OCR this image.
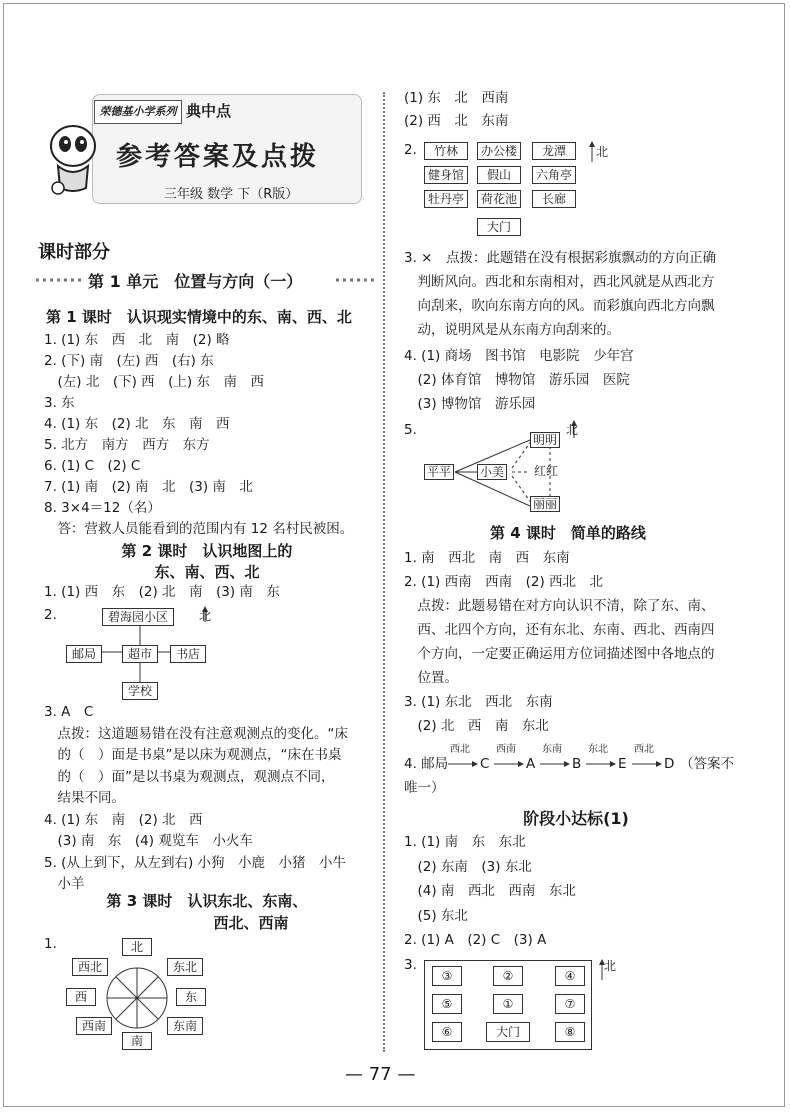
荣德基小学系列 典中点
参考答案及点拨
三年级 数学 下（R版）
课时部分
第 1 单元　位置与方向（一）
第 1 课时　认识现实情境中的东、南、西、北
1. (1) 东　西　北　南　(2) 略
2. (下) 南　(左) 西　(右) 东
　(左) 北　(下) 西　(上) 东　南　西
3. 东
4. (1) 东　(2) 北　东　南　西
5. 北方　南方　西方　东方
6. (1) C　(2) C
7. (1) 南　(2) 南　北　(3) 南　北
8. 3×4＝12（名）
　答：营救人员能看到的范围内有 12 名村民被困。
第 2 课时　认识地图上的
东、南、西、北
1. (1) 西　东　(2) 北　南　(3) 南　东
2.	碧海园小区
邮局	超市	书店
学校
北
3. A　C
　点拨：这道题易错在没有注意观测点的变化。“床
　的（　）面是书桌”是以床为观测点，“床在书桌
　的（　）面”是以书桌为观测点，观测点不同，
　结果不同。
4. (1) 东　南　(2) 北　西
　(3) 南　东　(4) 观览车　小火车
5. (从上到下，从左到右) 小狗　小鹿　小猪　小牛
　小羊
第 3 课时　认识东北、东南、
西北、西南
1.	北
东北
东
东南
南
西南
西
西北
(1) 东　北　西南
(2) 西　北　东南
2.	竹林	办公楼	龙潭
健身馆	假山	六角亭
牡丹亭	荷花池	长廊
大门
北
3. ×　点拨：此题错在没有根据彩旗飘动的方向正确
　判断风向。西北和东南相对，西北风就是从西北方
　向刮来，吹向东南方向的风。而彩旗向西北方向飘
　动，说明风是从东南方向刮来的。
4. (1) 商场　图书馆　电影院　少年宫
　(2) 体育馆　博物馆　游乐园　医院
　(3) 博物馆　游乐园
5.	北
平平 小美
明明
红红
丽丽
第 4 课时　简单的路线
1. 南　西北　南　西　东南
2. (1) 西南　西南　(2) 西北　北
　点拨：此题易错在对方向认识不清，除了东、南、
　西、北四个方向，还有东北、东南、西北、西南四
　个方向，一定要正确运用方位词描述图中各地点的
　位置。
3. (1) 东北　西北　东南
　(2) 北　西　南　东北
4. 邮局
西北
C
西南
A
东南
B
东北
E
西北
D （答案不
唯一）
阶段小达标(1)
1. (1) 南　东　东北
　(2) 东南　(3) 东北
　(4) 南　西北　西南　东北
　(5) 东北
2. (1) A　(2) C　(3) A
3.
③	②	④
⑤	①	⑦
⑥	大门	⑧
北
— 77 —
